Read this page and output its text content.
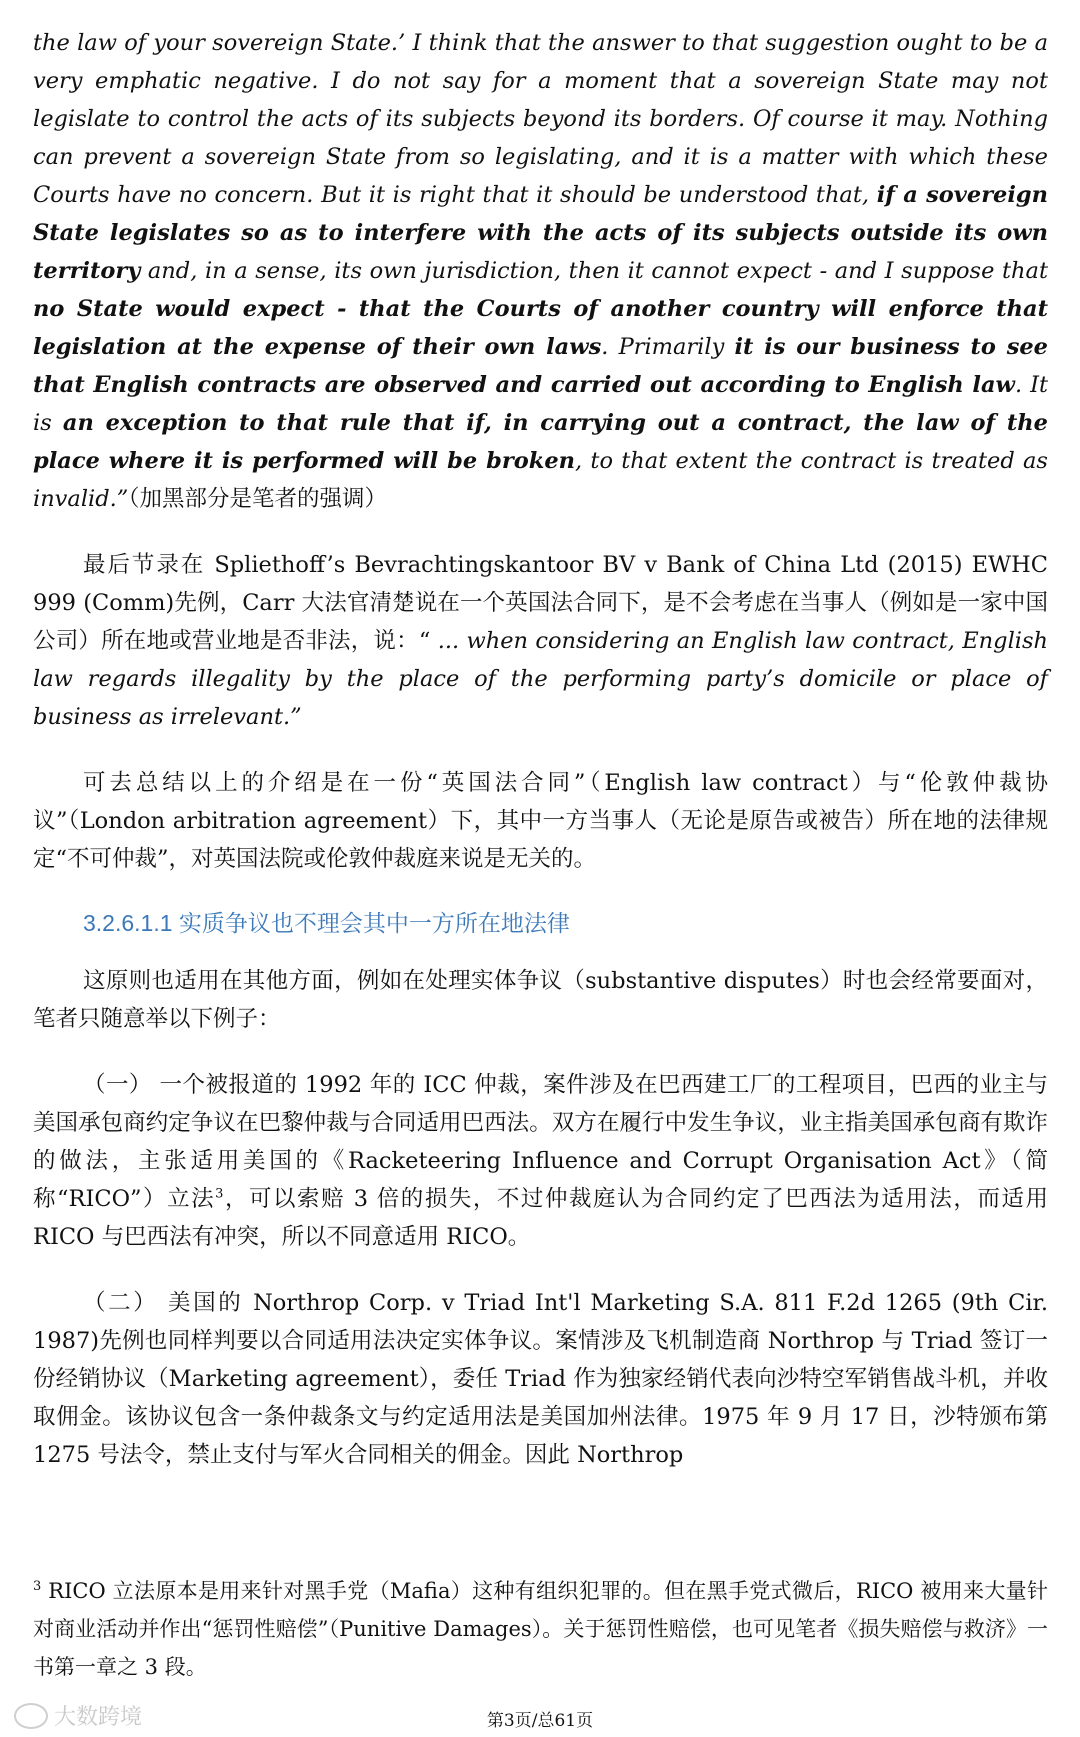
the law of your sovereign State.’ I think that the answer to that suggestion ought to be a very emphatic negative. I do not say for a moment that a sovereign State may not legislate to control the acts of its subjects beyond its borders. Of course it may. Nothing can prevent a sovereign State from so legislating, and it is a matter with which these Courts have no concern. But it is right that it should be understood that, if a sovereign State legislates so as to interfere with the acts of its subjects outside its own territory and, in a sense, its own jurisdiction, then it cannot expect - and I suppose that no State would expect - that the Courts of another country will enforce that legislation at the expense of their own laws. Primarily it is our business to see that English contracts are observed and carried out according to English law. It is an exception to that rule that if, in carrying out a contract, the law of the place where it is performed will be broken, to that extent the contract is treated as invalid.”（加黑部分是笔者的强调）

最后节录在 Spliethoff’s Bevrachtingskantoor BV v Bank of China Ltd (2015) EWHC 999 (Comm)先例，Carr 大法官清楚说在一个英国法合同下，是不会考虑在当事人（例如是一家中国公司）所在地或营业地是否非法，说：“ ... when considering an English law contract, English law regards illegality by the place of the performing party’s domicile or place of business as irrelevant.”

可去总结以上的介绍是在一份“英国法合同”（English law contract）与“伦敦仲裁协议”（London arbitration agreement）下，其中一方当事人（无论是原告或被告）所在地的法律规定“不可仲裁”，对英国法院或伦敦仲裁庭来说是无关的。

3.2.6.1.1 实质争议也不理会其中一方所在地法律

这原则也适用在其他方面，例如在处理实体争议（substantive disputes）时也会经常要面对，笔者只随意举以下例子：

（一） 一个被报道的 1992 年的 ICC 仲裁，案件涉及在巴西建工厂的工程项目，巴西的业主与美国承包商约定争议在巴黎仲裁与合同适用巴西法。双方在履行中发生争议，业主指美国承包商有欺诈的做法，主张适用美国的《Racketeering Influence and Corrupt Organisation Act》（简称“RICO”）立法$^3$，可以索赔 3 倍的损失，不过仲裁庭认为合同约定了巴西法为适用法，而适用 RICO 与巴西法有冲突，所以不同意适用 RICO。

（二） 美国的 Northrop Corp. v Triad Int'l Marketing S.A. 811 F.2d 1265 (9th Cir. 1987)先例也同样判要以合同适用法决定实体争议。案情涉及飞机制造商 Northrop 与 Triad 签订一份经销协议（Marketing agreement），委任 Triad 作为独家经销代表向沙特空军销售战斗机，并收取佣金。该协议包含一条仲裁条文与约定适用法是美国加州法律。1975 年 9 月 17 日，沙特颁布第 1275 号法令，禁止支付与军火合同相关的佣金。因此 Northrop

$^3$ RICO 立法原本是用来针对黑手党（Mafia）这种有组织犯罪的。但在黑手党式微后，RICO 被用来大量针对商业活动并作出“惩罚性赔偿”（Punitive Damages）。关于惩罚性赔偿，也可见笔者《损失赔偿与救济》一书第一章之 3 段。

大数跨境	第3页/总61页
